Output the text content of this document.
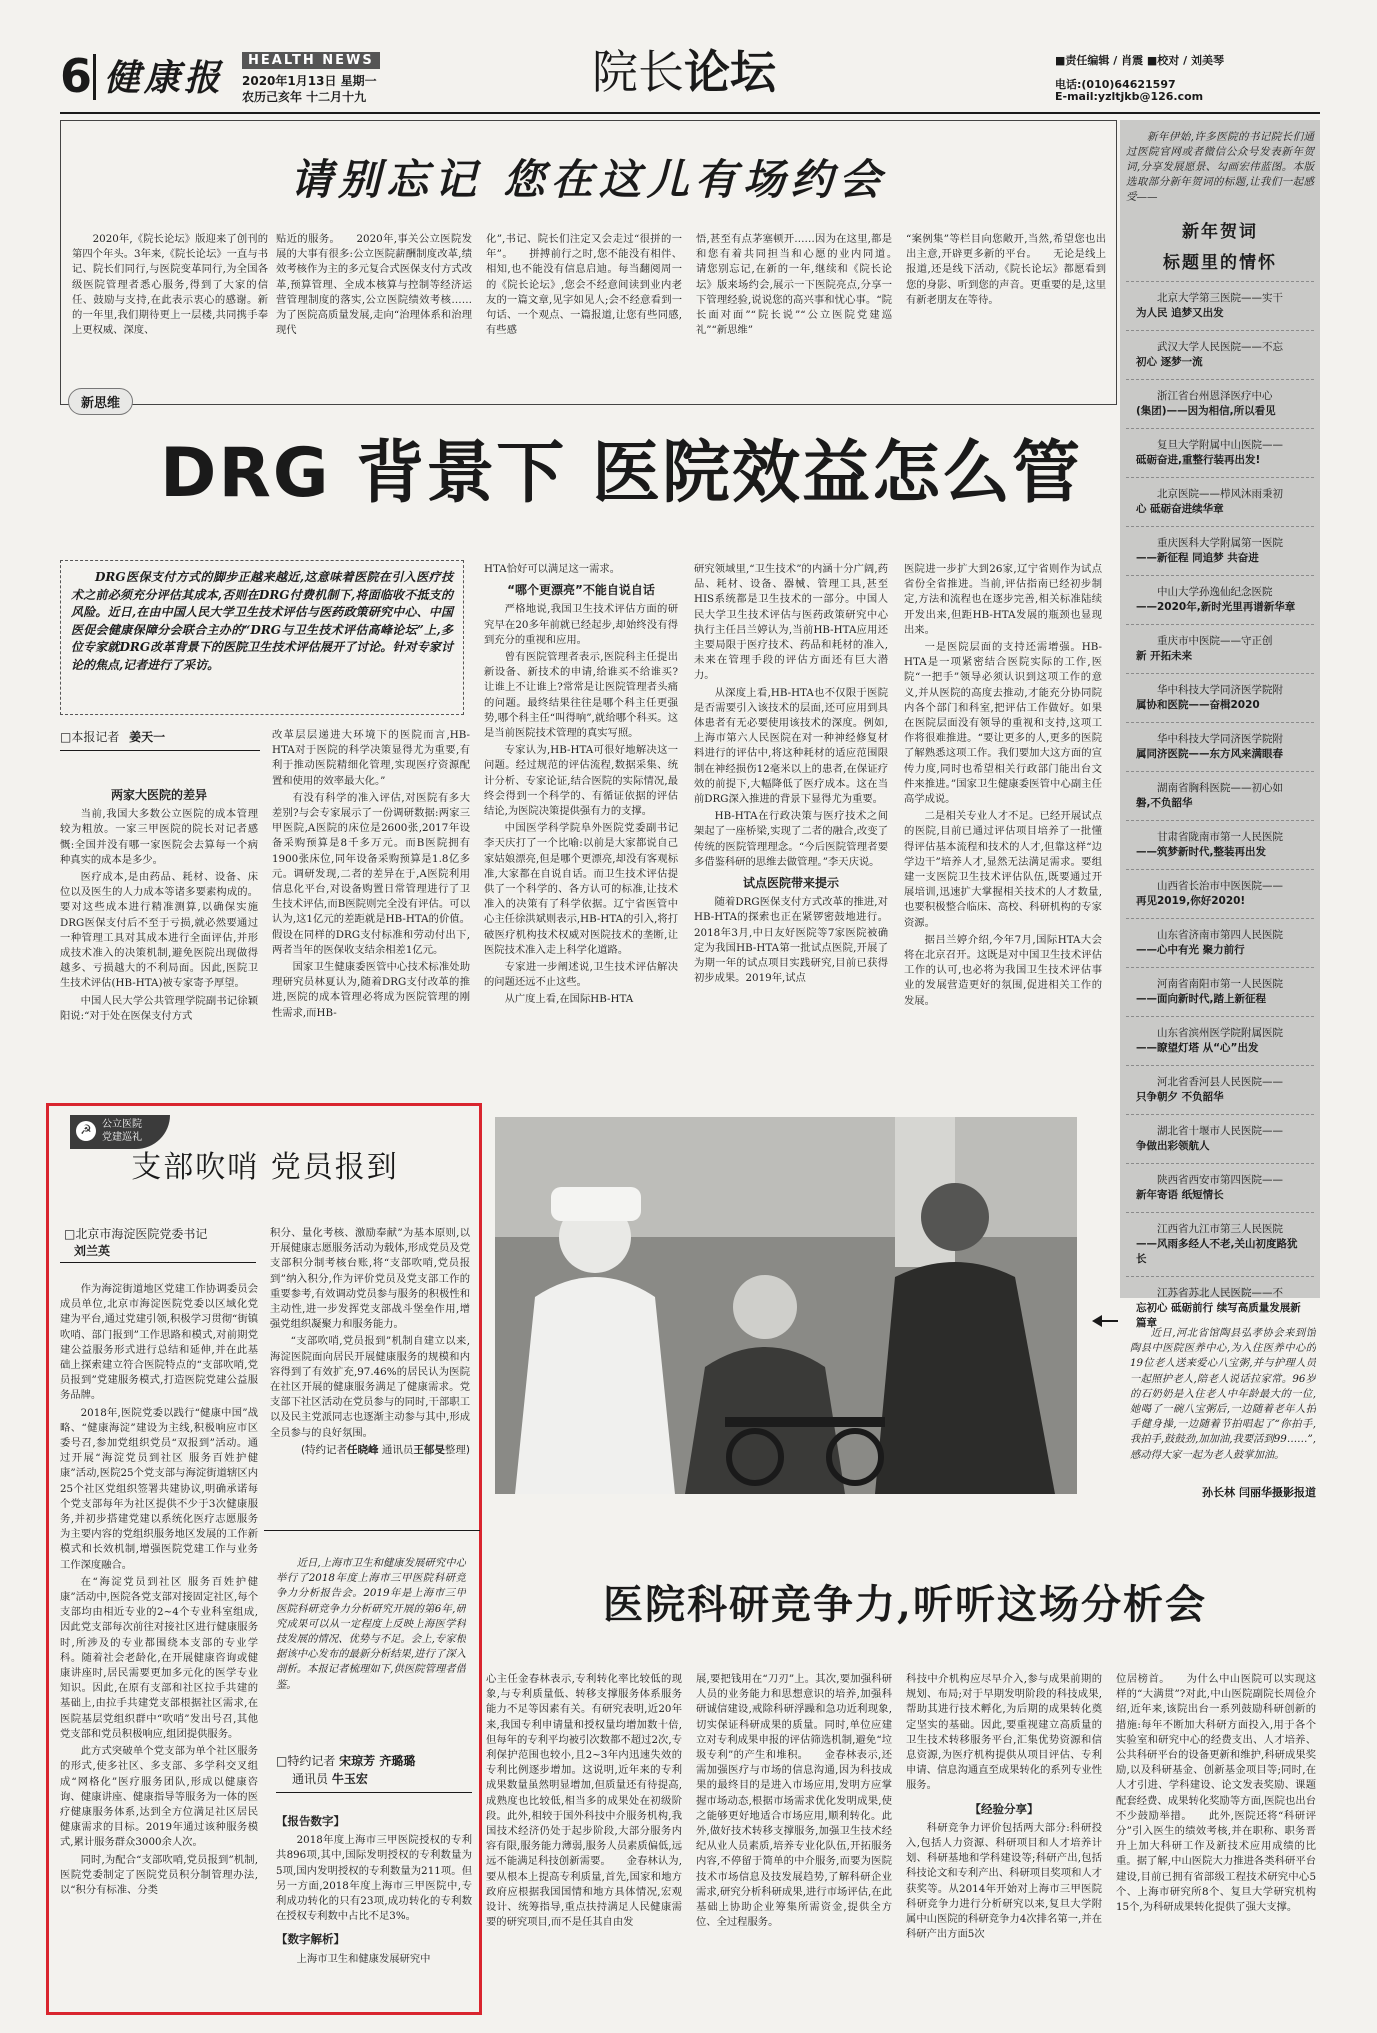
6 健康报	HEALTH NEWS
2020年1月13日 星期一
农历己亥年 十二月十九	院长论坛	■责任编辑 / 肖震 ■校对 / 刘美琴
电话:(010)64621597
E-mail:yzltjkb@126.com
请别忘记 您在这儿有场约会
2020年,《院长论坛》版迎来了创刊的第四个年头。3年来,《院长论坛》一直与书记、院长们同行,与医院变革同行,为全国各级医院管理者悉心服务,得到了大家的信任、鼓励与支持,在此表示衷心的感谢。新的一年里,我们期待更上一层楼,共同携手奉上更权威、深度、
贴近的服务。　　2020年,事关公立医院发展的大事有很多:公立医院薪酬制度改革,绩效考核作为主的多元复合式医保支付方式改革,预算管理、全成本核算与控制等经济运营管理制度的落实,公立医院绩效考核……为了医院高质量发展,走向“治理体系和治理现代
化”,书记、院长们注定又会走过“很拼的一年”。　　拼搏前行之时,您不能没有相伴、相知,也不能没有信息启迪。每当翻阅周一的《院长论坛》,您会不经意间读到业内老友的一篇文章,见字如见人;会不经意看到一句话、一个观点、一篇报道,让您有些同感,有些感
悟,甚至有点茅塞顿开……因为在这里,都是和您有着共同担当和心愿的业内同道。　　请您别忘记,在新的一年,继续和《院长论坛》版来场约会,展示一下医院亮点,分享一下管理经验,说说您的高兴事和忧心事。“院长面对面”“院长说”“公立医院党建巡礼”“新思维”
“案例集”等栏目向您敞开,当然,希望您也出出主意,开辟更多新的平台。　　无论是线上报道,还是线下活动,《院长论坛》都愿看到您的身影、听到您的声音。更重要的是,这里有新老朋友在等待。
新思维
DRG 背景下 医院效益怎么管
DRG医保支付方式的脚步正越来越近,这意味着医院在引入医疗技术之前必须充分评估其成本,否则在DRG付费机制下,将面临收不抵支的风险。近日,在由中国人民大学卫生技术评估与医药政策研究中心、中国医促会健康保障分会联合主办的“DRG与卫生技术评估高峰论坛”上,多位专家就DRG改革背景下的医院卫生技术评估展开了讨论。针对专家讨论的焦点,记者进行了采访。
□本报记者 姜天一
两家大医院的差异

当前,我国大多数公立医院的成本管理较为粗放。一家三甲医院的院长对记者感慨:全国并没有哪一家医院会去算每一个病种真实的成本是多少。

医疗成本,是由药品、耗材、设备、床位以及医生的人力成本等诸多要素构成的。要对这些成本进行精准测算,以确保实施DRG医保支付后不至于亏损,就必然要通过一种管理工具对其成本进行全面评估,并形成技术准入的决策机制,避免医院出现做得越多、亏损越大的不利局面。因此,医院卫生技术评估(HB-HTA)被专家寄予厚望。

中国人民大学公共管理学院副书记徐颖阳说:“对于处在医保支付方式

改革层层递进大环境下的医院而言,HB-HTA对于医院的科学决策显得尤为重要,有利于推动医院精细化管理,实现医疗资源配置和使用的效率最大化。”

有没有科学的准入评估,对医院有多大差别?与会专家展示了一份调研数据:两家三甲医院,A医院的床位是2600张,2017年设备采购预算是8千多万元。而B医院拥有1900张床位,同年设备采购预算是1.8亿多元。调研发现,二者的差异在于,A医院利用信息化平台,对设备购置日常管理进行了卫生技术评估,而B医院则完全没有评估。可以认为,这1亿元的差距就是HB-HTA的价值。假设在同样的DRG支付标准和劳动付出下,两者当年的医保收支结余相差1亿元。

国家卫生健康委医管中心技术标准处助理研究员林夏认为,随着DRG支付改革的推进,医院的成本管理必将成为医院管理的刚性需求,而HB-

HTA恰好可以满足这一需求。

“哪个更漂亮”不能自说自话

严格地说,我国卫生技术评估方面的研究早在20多年前就已经起步,却始终没有得到充分的重视和应用。

曾有医院管理者表示,医院科主任提出新设备、新技术的申请,给谁买不给谁买?让谁上不让谁上?常常是让医院管理者头痛的问题。最终结果往往是哪个科主任更强势,哪个科主任“叫得响”,就给哪个科买。这是当前医院技术管理的真实写照。

专家认为,HB-HTA可很好地解决这一问题。经过规范的评估流程,数据采集、统计分析、专家论证,结合医院的实际情况,最终会得到一个科学的、有循证依据的评估结论,为医院决策提供强有力的支撑。

中国医学科学院阜外医院党委副书记李天庆打了一个比喻:以前是大家都说自己家姑娘漂亮,但是哪个更漂亮,却没有客观标准,大家都在自说自话。而卫生技术评估提供了一个科学的、各方认可的标准,让技术准入的决策有了科学依据。辽宁省医管中心主任徐洪斌则表示,HB-HTA的引入,将打破医疗机构技术权威对医院技术的垄断,让医院技术准入走上科学化道路。

专家进一步阐述说,卫生技术评估解决的问题还远不止这些。

从广度上看,在国际HB-HTA

研究领域里,“卫生技术”的内涵十分广阔,药品、耗材、设备、器械、管理工具,甚至HIS系统都是卫生技术的一部分。中国人民大学卫生技术评估与医药政策研究中心执行主任吕兰婷认为,当前HB-HTA应用还主要局限于医疗技术、药品和耗材的准入,未来在管理手段的评估方面还有巨大潜力。

从深度上看,HB-HTA也不仅限于医院是否需要引入该技术的层面,还可应用到具体患者有无必要使用该技术的深度。例如,上海市第六人民医院在对一种神经修复材料进行的评估中,将这种耗材的适应范围限制在神经损伤12毫米以上的患者,在保证疗效的前提下,大幅降低了医疗成本。这在当前DRG深入推进的背景下显得尤为重要。

HB-HTA在行政决策与医疗技术之间架起了一座桥梁,实现了二者的融合,改变了传统的医院管理理念。“今后医院管理者要多借鉴科研的思维去做管理。”李天庆说。

试点医院带来提示

随着DRG医保支付方式改革的推进,对HB-HTA的探索也正在紧锣密鼓地进行。2018年3月,中日友好医院等7家医院被确定为我国HB-HTA第一批试点医院,开展了为期一年的试点项目实践研究,目前已获得初步成果。2019年,试点

医院进一步扩大到26家,辽宁省则作为试点省份全省推进。当前,评估指南已经初步制定,方法和流程也在逐步完善,相关标准陆续开发出来,但距HB-HTA发展的瓶颈也显现出来。

一是医院层面的支持还需增强。HB-HTA是一项紧密结合医院实际的工作,医院“一把手”领导必须认识到这项工作的意义,并从医院的高度去推动,才能充分协同院内各个部门和科室,把评估工作做好。如果在医院层面没有领导的重视和支持,这项工作将很难推进。“要让更多的人,更多的医院了解熟悉这项工作。我们要加大这方面的宣传力度,同时也希望相关行政部门能出台文件来推进。”国家卫生健康委医管中心副主任高学成说。

二是相关专业人才不足。已经开展试点的医院,目前已通过评估项目培养了一批懂得评估基本流程和技术的人才,但靠这样“边学边干”培养人才,显然无法满足需求。要组建一支医院卫生技术评估队伍,既要通过开展培训,迅速扩大掌握相关技术的人才数量,也要积极整合临床、高校、科研机构的专家资源。

据吕兰婷介绍,今年7月,国际HTA大会将在北京召开。这既是对中国卫生技术评估工作的认可,也必将为我国卫生技术评估事业的发展营造更好的氛围,促进相关工作的发展。

新年伊始,许多医院的书记院长们通过医院官网或者微信公众号发表新年贺词,分享发展愿景、勾画宏伟蓝图。本版选取部分新年贺词的标题,让我们一起感受——
新年贺词
标题里的情怀
北京大学第三医院——实干
为人民 追梦又出发
武汉大学人民医院——不忘
初心 逐梦一流
浙江省台州恩泽医疗中心
(集团)——因为相信,所以看见
复旦大学附属中山医院——
砥砺奋进,重整行装再出发!
北京医院——栉风沐雨秉初
心 砥砺奋进续华章
重庆医科大学附属第一医院
——新征程 同追梦 共奋进
中山大学孙逸仙纪念医院
——2020年,新时光里再谱新华章
重庆市中医院——守正创
新 开拓未来
华中科技大学同济医学院附
属协和医院——奋楫2020
华中科技大学同济医学院附
属同济医院——东方风来满眼春
湖南省胸科医院——初心如
磐,不负韶华
甘肃省陇南市第一人民医院
——筑梦新时代,整装再出发
山西省长治市中医医院——
再见2019,你好2020!
山东省济南市第四人民医院
——心中有光 聚力前行
河南省南阳市第一人民医院
——面向新时代,踏上新征程
山东省滨州医学院附属医院
——瞭望灯塔 从“心”出发
河北省香河县人民医院——
只争朝夕 不负韶华
湖北省十堰市人民医院——
争做出彩领航人
陕西省西安市第四医院——
新年寄语 纸短情长
江西省九江市第三人民医院
——风雨多经人不老,关山初度路犹长
江苏省苏北人民医院——不
忘初心 砥砺前行 续写高质量发展新篇章
☭	公立医院
党建巡礼
支部吹哨 党员报到
□北京市海淀医院党委书记
刘兰英

作为海淀街道地区党建工作协调委员会成员单位,北京市海淀医院党委以区域化党建为平台,通过党建引领,积极学习贯彻“街镇吹哨、部门报到”工作思路和模式,对前期党建公益服务形式进行总结和延伸,并在此基础上探索建立符合医院特点的“支部吹哨,党员报到”党建服务模式,打造医院党建公益服务品牌。

2018年,医院党委以践行“健康中国”战略、“健康海淀”建设为主线,积极响应市区委号召,参加党组织党员“双报到”活动。通过开展“海淀党员到社区 服务百姓护健康”活动,医院25个党支部与海淀街道辖区内25个社区党组织签署共建协议,明确承诺每个党支部每年为社区提供不少于3次健康服务,并初步搭建党建以系统化医疗志愿服务为主要内容的党组织服务地区发展的工作新模式和长效机制,增强医院党建工作与业务工作深度融合。

在“海淀党员到社区 服务百姓护健康”活动中,医院各党支部对接固定社区,每个支部均由相近专业的2~4个专业科室组成,因此党支部每次前往对接社区进行健康服务时,所涉及的专业都围绕本支部的专业学科。随着社会老龄化,在开展健康咨询或健康讲座时,居民需要更加多元化的医学专业知识。因此,在原有支部和社区拉手共建的基础上,由拉手共建党支部根据社区需求,在医院基层党组织群中“吹哨”发出号召,其他党支部和党员积极响应,组团提供服务。

此方式突破单个党支部为单个社区服务的形式,使多社区、多支部、多学科交叉组成“网格化”医疗服务团队,形成以健康咨询、健康讲座、健康指导等服务为一体的医疗健康服务体系,达到全方位满足社区居民健康需求的目标。2019年通过该种服务模式,累计服务群众3000余人次。

同时,为配合“支部吹哨,党员报到”机制,医院党委制定了医院党员积分制管理办法,以“积分有标准、分类

积分、量化考核、激励奉献”为基本原则,以开展健康志愿服务活动为载体,形成党员及党支部积分制考核台账,将“支部吹哨,党员报到”纳入积分,作为评价党员及党支部工作的重要参考,有效调动党员参与服务的积极性和主动性,进一步发挥党支部战斗堡垒作用,增强党组织凝聚力和服务能力。

“支部吹哨,党员报到”机制自建立以来,海淀医院面向居民开展健康服务的规模和内容得到了有效扩充,97.46%的居民认为医院在社区开展的健康服务满足了健康需求。党支部下社区活动在党员参与的同时,干部职工以及民主党派同志也逐渐主动参与其中,形成全员参与的良好氛围。

(特约记者任晓峰 通讯员王郁旻整理)

近日,上海市卫生和健康发展研究中心举行了2018年度上海市三甲医院科研竞争力分析报告会。2019年是上海市三甲医院科研竞争力分析研究开展的第6年,研究成果可以从一定程度上反映上海医学科技发展的情况、优势与不足。会上,专家根据该中心发布的最新分析结果,进行了深入剖析。本报记者梳理如下,供医院管理者借鉴。
□特约记者 宋琼芳 齐璐璐
通讯员 牛玉宏
【报告数字】

2018年度上海市三甲医院授权的专利共896项,其中,国际发明授权的专利数量为5项,国内发明授权的专利数量为211项。但另一方面,2018年度上海市三甲医院中,专利成功转化的只有23项,成功转化的专利数在授权专利数中占比不足3%。

【数字解析】

上海市卫生和健康发展研究中

近日,河北省馆陶县弘孝协会来到馆陶县中医院医养中心,为入住医养中心的19位老人送来爱心八宝粥,并与护理人员一起照护老人,陪老人说话拉家常。96岁的石奶奶是入住老人中年龄最大的一位,她喝了一碗八宝粥后,一边随着老年人拍手健身操,一边随着节拍唱起了“你拍手,我拍手,鼓鼓劲,加加油,我要活到99……”,感动得大家一起为老人鼓掌加油。
孙长林 闫丽华摄影报道
医院科研竞争力,听听这场分析会

心主任金春林表示,专利转化率比较低的现象,与专利质量低、转移支撑服务体系服务能力不足等因素有关。有研究表明,近20年来,我国专利申请量和授权量均增加数十倍,但每年的专利平均被引次数都不超过2次,专利保护范围也较小,且2~3年内迅速失效的专利比例逐步增加。这说明,近年来的专利成果数量虽然明显增加,但质量还有待提高,成熟度也比较低,相当多的成果处在初级阶段。此外,相较于国外科技中介服务机构,我国技术经济仍处于起步阶段,大部分服务内容有限,服务能力薄弱,服务人员素质偏低,远远不能满足科技创新需要。　　金春林认为,要从根本上提高专利质量,首先,国家和地方政府应根据我国国情和地方具体情况,宏观设计、统筹指导,重点扶持满足人民健康需要的研究项目,而不是任其自由发

展,要把钱用在“刀刃”上。其次,要加强科研人员的业务能力和思想意识的培养,加强科研诚信建设,戒除科研浮躁和急功近利现象,切实保证科研成果的质量。同时,单位应建立对专利成果申报的评估筛选机制,避免“垃圾专利”的产生和堆积。　　金春林表示,还需加强医疗与市场的信息沟通,因为科技成果的最终目的是进入市场应用,发明方应掌握市场动态,根据市场需求优化发明成果,使之能够更好地适合市场应用,顺利转化。此外,做好技术转移支撑服务,加强卫生技术经纪从业人员素质,培养专业化队伍,开拓服务内容,不停留于简单的中介服务,而要为医院技术市场信息及技发展趋势,了解科研企业需求,研究分析科研成果,进行市场评估,在此基础上协助企业筹集所需资金,提供全方位、全过程服务。

科技中介机构应尽早介入,参与成果前期的规划、布局;对于早期发明阶段的科技成果,帮助其进行技术孵化,为后期的成果转化奠定坚实的基础。因此,要重视建立高质量的卫生技术转移服务平台,汇集优势资源和信息资源,为医疗机构提供从项目评估、专利申请、信息沟通直至成果转化的系列专业性服务。

【经验分享】

科研竞争力评价包括两大部分:科研投入,包括人力资源、科研项目和人才培养计划、科研基地和学科建设等;科研产出,包括科技论文和专利产出、科研项目奖项和人才获奖等。从2014年开始对上海市三甲医院科研竞争力进行分析研究以来,复旦大学附属中山医院的科研竞争力4次排名第一,并在科研产出方面5次

位居榜首。　　为什么中山医院可以实现这样的“大满贯”?对此,中山医院副院长周俭介绍,近年来,该院出台一系列鼓励科研创新的措施:每年不断加大科研方面投入,用于各个实验室和研究中心的经费支出、人才培养、公共科研平台的设备更新和维护,科研成果奖励,以及科研基金、创新基金项目等;同时,在人才引进、学科建设、论文发表奖励、课题配套经费、成果转化奖励等方面,医院也出台不少鼓励举措。　　此外,医院还将“科研评分”引入医生的绩效考核,并在职称、职务晋升上加大科研工作及新技术应用成绩的比重。据了解,中山医院大力推进各类科研平台建设,目前已拥有省部级工程技术研究中心5个、上海市研究所8个、复旦大学研究机构15个,为科研成果转化提供了强大支撑。
